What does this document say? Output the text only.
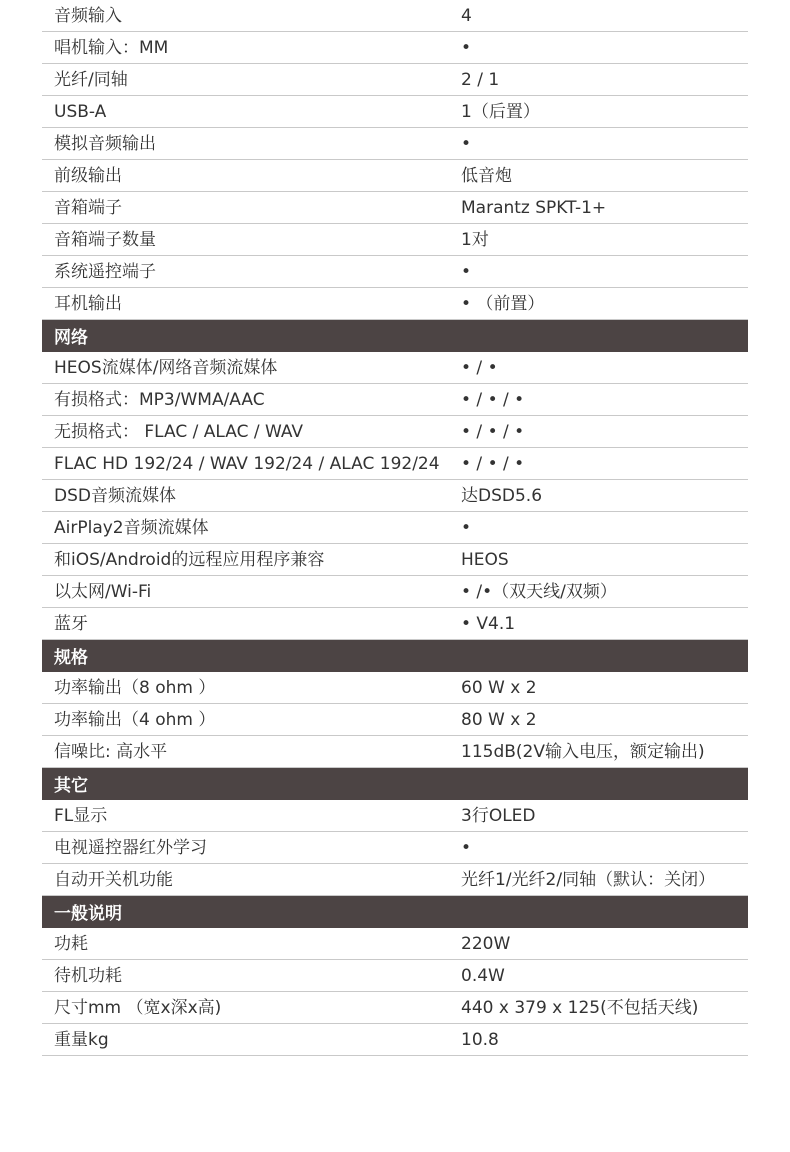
音频输入	4
唱机输入：MM	•
光纤/同轴	2 / 1
USB-A	1（后置）
模拟音频输出	•
前级输出	低音炮
音箱端子	Marantz SPKT-1+
音箱端子数量	1对
系统遥控端子	•
耳机输出	• （前置）
网络
HEOS流媒体/网络音频流媒体	• / •
有损格式：MP3/WMA/AAC	• / • / •
无损格式： FLAC / ALAC / WAV	• / • / •
FLAC HD 192/24 / WAV 192/24 / ALAC 192/24	• / • / •
DSD音频流媒体	达DSD5.6
AirPlay2音频流媒体	•
和iOS/Android的远程应用程序兼容	HEOS
以太网/Wi-Fi	• /•（双天线/双频）
蓝牙	• V4.1
规格
功率输出（8 ohm ）	60 W x 2
功率输出（4 ohm ）	80 W x 2
信噪比: 高水平	115dB(2V输入电压，额定输出)
其它
FL显示	3行OLED
电视遥控器红外学习	•
自动开关机功能	光纤1/光纤2/同轴（默认：关闭）
一般说明
功耗	220W
待机功耗	0.4W
尺寸mm （宽x深x高)	440 x 379 x 125(不包括天线)
重量kg	10.8
